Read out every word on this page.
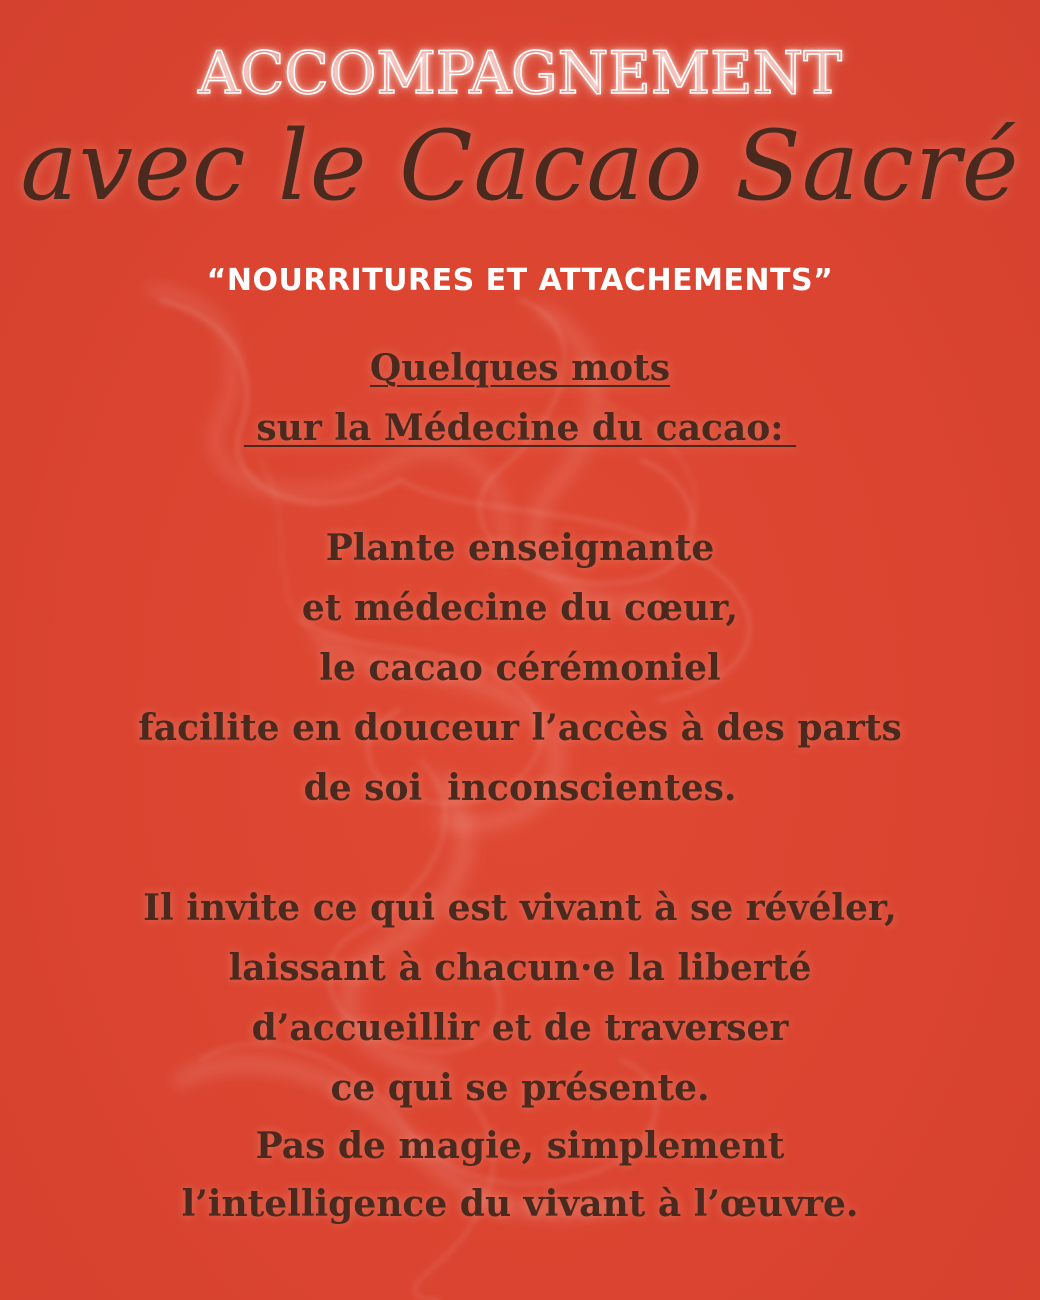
ACCOMPAGNEMENT
avec le Cacao Sacré
“NOURRITURES ET ATTACHEMENTS”
Quelques mots
sur la Médecine du cacao:
Plante enseignante
et médecine du cœur,
le cacao cérémoniel
facilite en douceur l’accès à des parts
de soi  inconscientes.
Il invite ce qui est vivant à se révéler,
laissant à chacun·e la liberté
d’accueillir et de traverser
ce qui se présente.
Pas de magie, simplement
l’intelligence du vivant à l’œuvre.
